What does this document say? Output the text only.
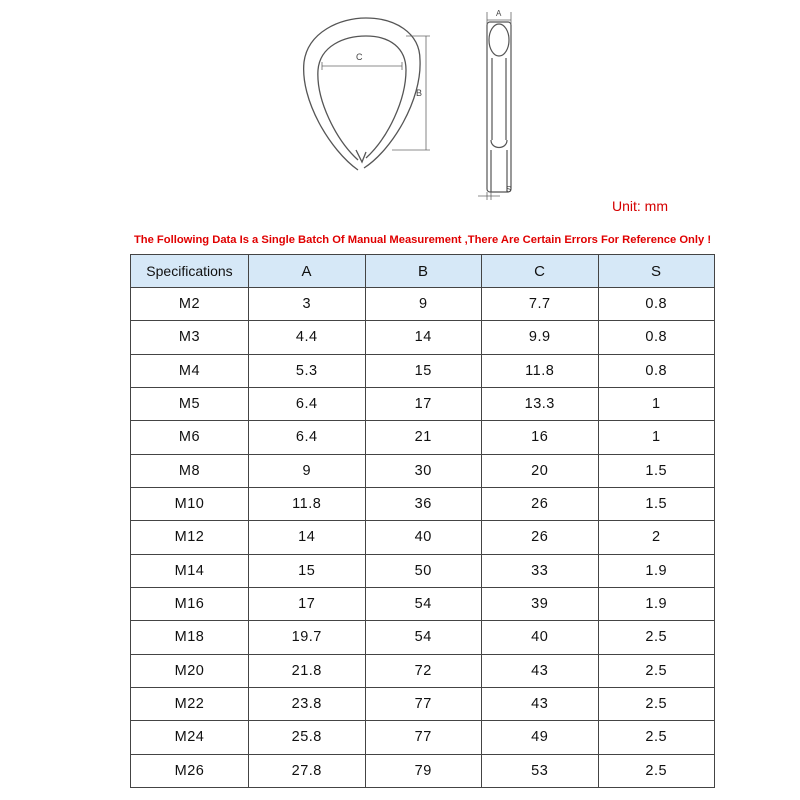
C
B
A
S
Unit: mm
The Following Data Is a Single Batch Of Manual Measurement ,There Are Certain Errors For Reference Only !
Specifications	A	B	C	S
M2	3	9	7.7	0.8
M3	4.4	14	9.9	0.8
M4	5.3	15	11.8	0.8
M5	6.4	17	13.3	1
M6	6.4	21	16	1
M8	9	30	20	1.5
M10	11.8	36	26	1.5
M12	14	40	26	2
M14	15	50	33	1.9
M16	17	54	39	1.9
M18	19.7	54	40	2.5
M20	21.8	72	43	2.5
M22	23.8	77	43	2.5
M24	25.8	77	49	2.5
M26	27.8	79	53	2.5
